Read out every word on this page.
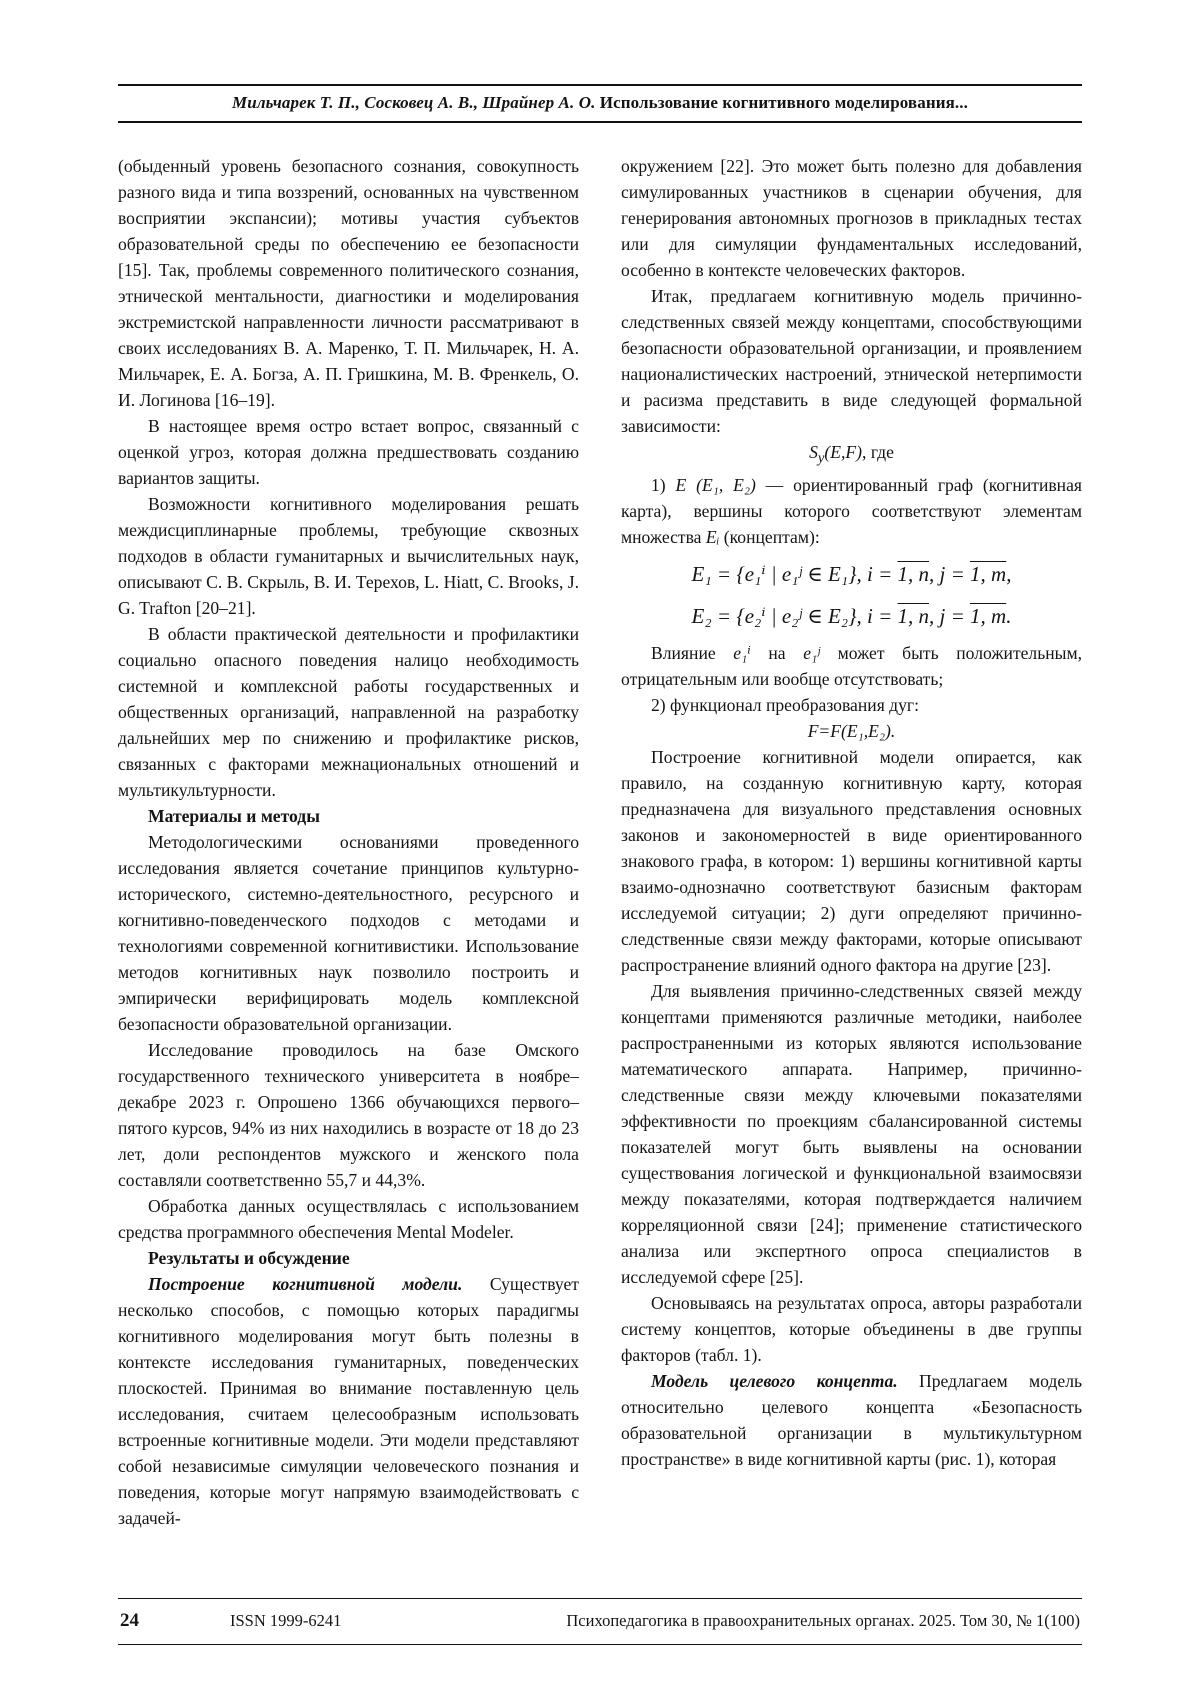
Мильчарек Т. П., Сосковец А. В., Шрайнер А. О. Использование когнитивного моделирования...

(обыденный уровень безопасного сознания, совокупность разного вида и типа воззрений, основанных на чувственном восприятии экспансии); мотивы участия субъектов образовательной среды по обеспечению ее безопасности [15]. Так, проблемы современного политического сознания, этнической ментальности, диагностики и моделирования экстремистской направленности личности рассматривают в своих исследованиях В. А. Маренко, Т. П. Мильчарек, Н. А. Мильчарек, Е. А. Богза, А. П. Гришкина, М. В. Френкель, О. И. Логинова [16–19].

В настоящее время остро встает вопрос, связанный с оценкой угроз, которая должна предшествовать созданию вариантов защиты.

Возможности когнитивного моделирования решать междисциплинарные проблемы, требующие сквозных подходов в области гуманитарных и вычислительных наук, описывают С. В. Скрыль, В. И. Терехов, L. Hiatt, C. Brooks, J. G. Trafton [20–21].

В области практической деятельности и профилактики социально опасного поведения налицо необходимость системной и комплексной работы государственных и общественных организаций, направленной на разработку дальнейших мер по снижению и профилактике рисков, связанных с факторами межнациональных отношений и мультикультурности.

Материалы и методы

Методологическими основаниями проведенного исследования является сочетание принципов культурно-исторического, системно-деятельностного, ресурсного и когнитивно-поведенческого подходов с методами и технологиями современной когнитивистики. Использование методов когнитивных наук позволило построить и эмпирически верифицировать модель комплексной безопасности образовательной организации.

Исследование проводилось на базе Омского государственного технического университета в ноябре–декабре 2023 г. Опрошено 1366 обучающихся первого–пятого курсов, 94% из них находились в возрасте от 18 до 23 лет, доли респондентов мужского и женского пола составляли соответственно 55,7 и 44,3%.

Обработка данных осуществлялась с использованием средства программного обеспечения Mental Modeler.

Результаты и обсуждение

Построение когнитивной модели. Существует несколько способов, с помощью которых парадигмы когнитивного моделирования могут быть полезны в контексте исследования гуманитарных, поведенческих плоскостей. Принимая во внимание поставленную цель исследования, считаем целесообразным использовать встроенные когнитивные модели. Эти модели представляют собой независимые симуляции человеческого познания и поведения, которые могут напрямую взаимодействовать с задачей-

окружением [22]. Это может быть полезно для добавления симулированных участников в сценарии обучения, для генерирования автономных прогнозов в прикладных тестах или для симуляции фундаментальных исследований, особенно в контексте человеческих факторов.

Итак, предлагаем когнитивную модель причинно-следственных связей между концептами, способствующими безопасности образовательной организации, и проявлением националистических настроений, этнической нетерпимости и расизма представить в виде следующей формальной зависимости:

$S_y(E,F)$, где

1) E (E₁, E₂) — ориентированный граф (когнитивная карта), вершины которого соответствуют элементам множества Eᵢ (концептам):

E₁ = {e₁ⁱ | e₁ʲ ∈ E₁}, i = 1, n, j = 1, m,
E₂ = {e₂ⁱ | e₂ʲ ∈ E₂}, i = 1, n, j = 1, m.

Влияние e₁ⁱ на e₁ʲ может быть положительным, отрицательным или вообще отсутствовать;

2) функционал преобразования дуг:

F=F(E₁,E₂).

Построение когнитивной модели опирается, как правило, на созданную когнитивную карту, которая предназначена для визуального представления основных законов и закономерностей в виде ориентированного знакового графа, в котором: 1) вершины когнитивной карты взаимо-однозначно соответствуют базисным факторам исследуемой ситуации; 2) дуги определяют причинно-следственные связи между факторами, которые описывают распространение влияний одного фактора на другие [23].

Для выявления причинно-следственных связей между концептами применяются различные методики, наиболее распространенными из которых являются использование математического аппарата. Например, причинно-следственные связи между ключевыми показателями эффективности по проекциям сбалансированной системы показателей могут быть выявлены на основании существования логической и функциональной взаимосвязи между показателями, которая подтверждается наличием корреляционной связи [24]; применение статистического анализа или экспертного опроса специалистов в исследуемой сфере [25].

Основываясь на результатах опроса, авторы разработали систему концептов, которые объединены в две группы факторов (табл. 1).

Модель целевого концепта. Предлагаем модель относительно целевого концепта «Безопасность образовательной организации в мультикультурном пространстве» в виде когнитивной карты (рис. 1), которая

24	ISSN 1999-6241	Психопедагогика в правоохранительных органах. 2025. Том 30, № 1(100)
